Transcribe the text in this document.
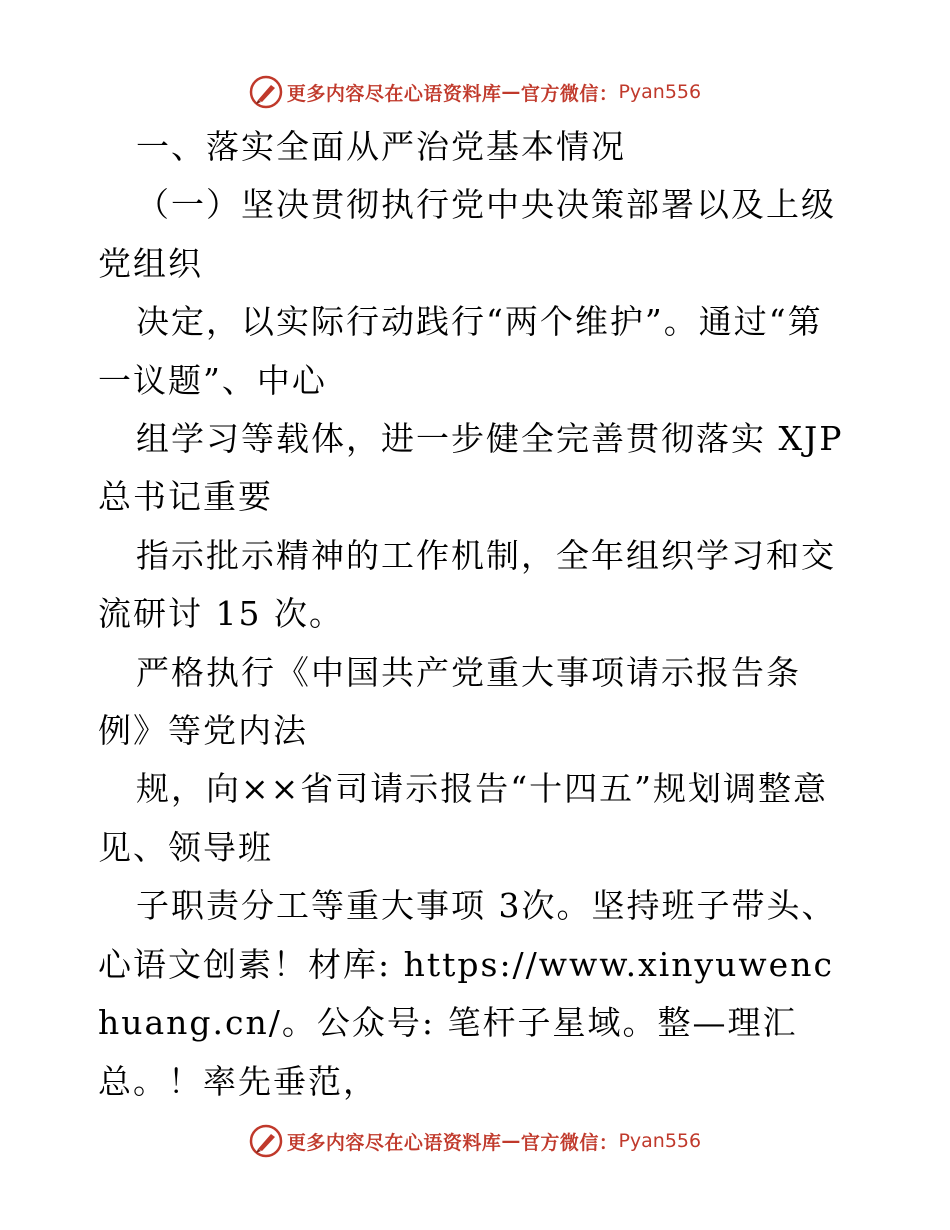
更多内容尽在心语资料库 — 官方微信： Pyan556

一、落实全面从严治党基本情况

（一）坚决贯彻执行党中央决策部署以及上级党组织

决定，以实际行动践行“两个维护”。通过“第一议题”、中心

组学习等载体，进一步健全完善贯彻落实 XJP 总书记重要

指示批示精神的工作机制，全年组织学习和交流研讨 15 次。

严格执行《中国共产党重大事项请示报告条例》等党内法

规，向××省司请示报告“十四五”规划调整意见、领导班

子职责分工等重大事项 3次。坚持班子带头、心语文创素！材库: https://www.xinyuwenchuang.cn/。公众号: 笔杆子星域。整—理汇总。！率先垂范，

更多内容尽在心语资料库 — 官方微信： Pyan556
